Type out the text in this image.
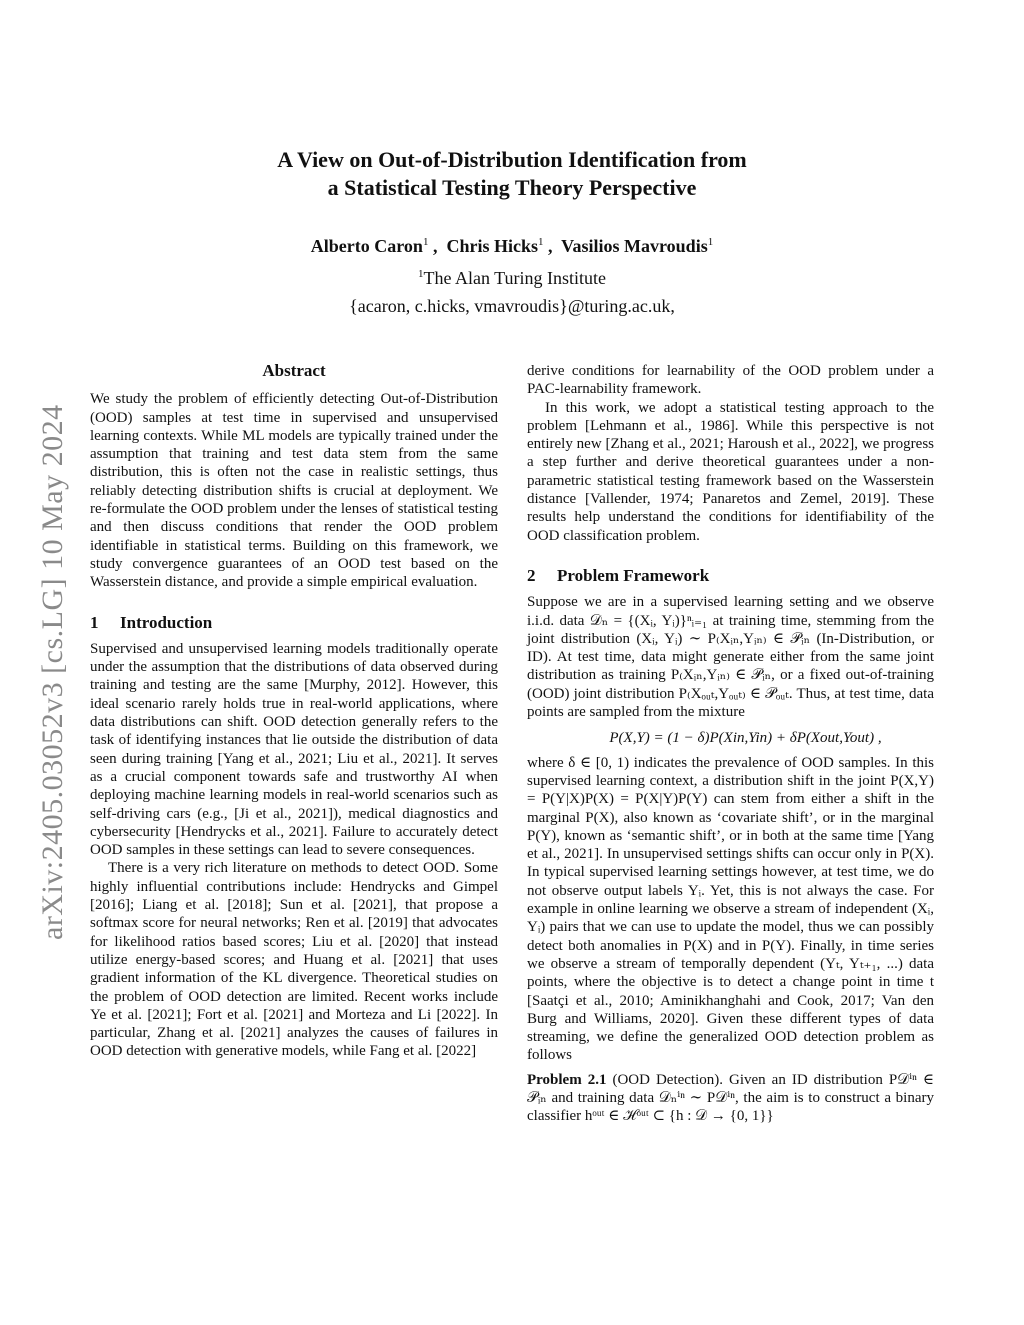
arXiv:2405.03052v3 [cs.LG] 10 May 2024
A View on Out-of-Distribution Identification from
a Statistical Testing Theory Perspective
Alberto Caron$^1$ ,  Chris Hicks$^1$ ,  Vasilios Mavroudis$^1$
$^1$The Alan Turing Institute
{acaron, c.hicks, vmavroudis}@turing.ac.uk,
Abstract

We study the problem of efficiently detecting Out-of-Distribution (OOD) samples at test time in supervised and unsupervised learning contexts. While ML models are typically trained under the assumption that training and test data stem from the same distribution, this is often not the case in realistic settings, thus reliably detecting distribution shifts is crucial at deployment. We re-formulate the OOD problem under the lenses of statistical testing and then discuss conditions that render the OOD problem identifiable in statistical terms. Building on this framework, we study convergence guarantees of an OOD test based on the Wasserstein distance, and provide a simple empirical evaluation.

1 Introduction

Supervised and unsupervised learning models traditionally operate under the assumption that the distributions of data observed during training and testing are the same [Murphy, 2012]. However, this ideal scenario rarely holds true in real-world applications, where data distributions can shift. OOD detection generally refers to the task of identifying instances that lie outside the distribution of data seen during training [Yang et al., 2021; Liu et al., 2021]. It serves as a crucial component towards safe and trustworthy AI when deploying machine learning models in real-world scenarios such as self-driving cars (e.g., [Ji et al., 2021]), medical diagnostics and cybersecurity [Hendrycks et al., 2021]. Failure to accurately detect OOD samples in these settings can lead to severe consequences.

There is a very rich literature on methods to detect OOD. Some highly influential contributions include: Hendrycks and Gimpel [2016]; Liang et al. [2018]; Sun et al. [2021], that propose a softmax score for neural networks; Ren et al. [2019] that advocates for likelihood ratios based scores; Liu et al. [2020] that instead utilize energy-based scores; and Huang et al. [2021] that uses gradient information of the KL divergence. Theoretical studies on the problem of OOD detection are limited. Recent works include Ye et al. [2021]; Fort et al. [2021] and Morteza and Li [2022]. In particular, Zhang et al. [2021] analyzes the causes of failures in OOD detection with generative models, while Fang et al. [2022]

derive conditions for learnability of the OOD problem under a PAC-learnability framework.

In this work, we adopt a statistical testing approach to the problem [Lehmann et al., 1986]. While this perspective is not entirely new [Zhang et al., 2021; Haroush et al., 2022], we progress a step further and derive theoretical guarantees under a non-parametric statistical testing framework based on the Wasserstein distance [Vallender, 1974; Panaretos and Zemel, 2019]. These results help understand the conditions for identifiability of the OOD classification problem.

2 Problem Framework

Suppose we are in a supervised learning setting and we observe i.i.d. data 𝒟ₙ = {(Xᵢ, Yᵢ)}ⁿᵢ₌₁ at training time, stemming from the joint distribution (Xᵢ, Yᵢ) ∼ P₍Xᵢₙ,Yᵢₙ₎ ∈ 𝒫ᵢₙ (In-Distribution, or ID). At test time, data might generate either from the same joint distribution as training P₍Xᵢₙ,Yᵢₙ₎ ∈ 𝒫ᵢₙ, or a fixed out-of-training (OOD) joint distribution P₍Xₒᵤₜ,Yₒᵤₜ₎ ∈ 𝒫ₒᵤₜ. Thus, at test time, data points are sampled from the mixture

P(X,Y) = (1 − δ)P(Xin,Yin) + δP(Xout,Yout) ,

where δ ∈ [0, 1) indicates the prevalence of OOD samples. In this supervised learning context, a distribution shift in the joint P(X,Y) = P(Y|X)P(X) = P(X|Y)P(Y) can stem from either a shift in the marginal P(X), also known as ‘covariate shift’, or in the marginal P(Y), known as ‘semantic shift’, or in both at the same time [Yang et al., 2021]. In unsupervised settings shifts can occur only in P(X). In typical supervised learning settings however, at test time, we do not observe output labels Yᵢ. Yet, this is not always the case. For example in online learning we observe a stream of independent (Xᵢ, Yᵢ) pairs that we can use to update the model, thus we can possibly detect both anomalies in P(X) and in P(Y). Finally, in time series we observe a stream of temporally dependent (Yₜ, Yₜ₊₁, ...) data points, where the objective is to detect a change point in time t [Saatçi et al., 2010; Aminikhanghahi and Cook, 2017; Van den Burg and Williams, 2020]. Given these different types of data streaming, we define the generalized OOD detection problem as follows

Problem 2.1 (OOD Detection). Given an ID distribution P𝒟ⁱⁿ ∈ 𝒫ᵢₙ and training data 𝒟ₙⁱⁿ ∼ P𝒟ⁱⁿ, the aim is to construct a binary classifier hᵒᵘᵗ ∈ ℋᵒᵘᵗ ⊂ {h : 𝒟 → {0, 1}}
